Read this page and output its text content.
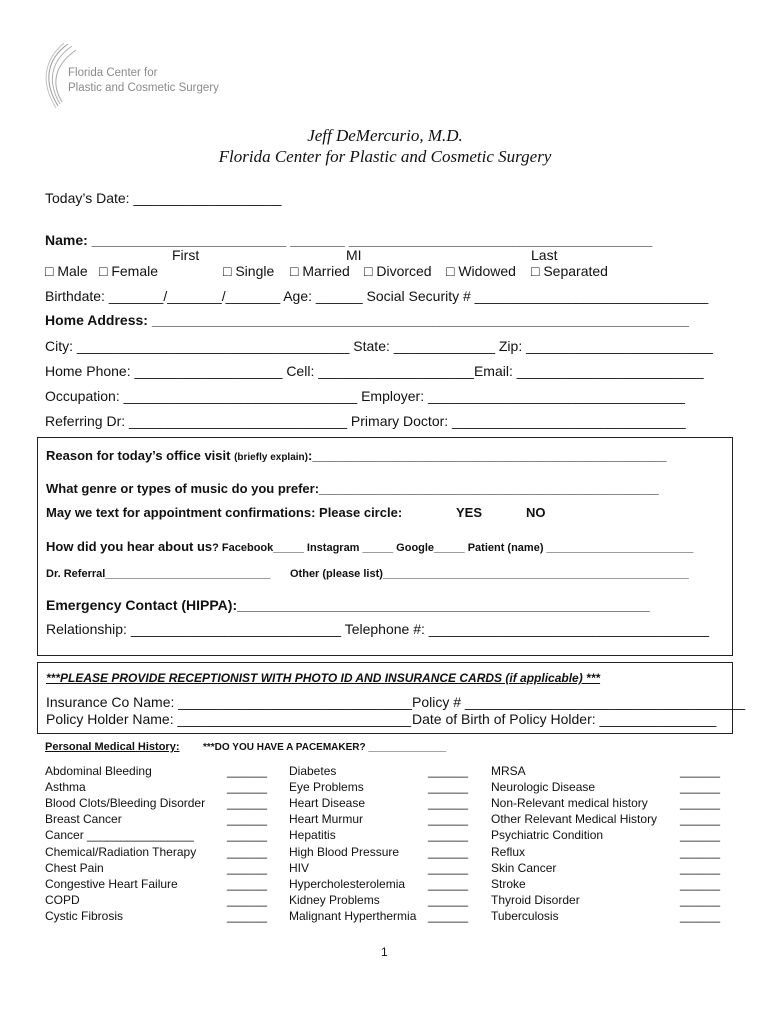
Florida Center for
Plastic and Cosmetic Surgery
Jeff DeMercurio, M.D.
Florida Center for Plastic and Cosmetic Surgery
Today’s Date: ___________________
Name: _________________________ _______ _______________________________________
First	MI	Last
□ Male □ Female	□ Single □ Married □ Divorced □ Widowed □ Separated
Birthdate: _______/_______/_______ Age: ______ Social Security # ______________________________
Home Address: _____________________________________________________________________
City: ___________________________________ State: _____________ Zip: ________________________
Home Phone: ___________________ Cell: ____________________Email: ________________________
Occupation: ______________________________ Employer: _________________________________
Referring Dr: ____________________________ Primary Doctor: ______________________________
Reason for today’s office visit (briefly explain):_________________________________________________
What genre or types of music do you prefer:_______________________________________________
May we text for appointment confirmations: Please circle:	YES	NO
How did you hear about us? Facebook_____ Instagram _____ Google_____ Patient (name) ________________________
Dr. Referral___________________________ Other (please list)__________________________________________________
Emergency Contact (HIPPA):_____________________________________________________
Relationship: ___________________________ Telephone #: ____________________________________
***PLEASE PROVIDE RECEPTIONIST WITH PHOTO ID AND INSURANCE CARDS (if applicable) ***
Insurance Co Name: ______________________________ Policy # ____________________________________
Policy Holder Name: ______________________________ Date of Birth of Policy Holder: _______________
Personal Medical History: ***DO YOU HAVE A PACEMAKER? ______________
Abdominal Bleeding	______
Asthma	______
Blood Clots/Bleeding Disorder ______
Breast Cancer	______
Cancer ________________	______
Chemical/Radiation Therapy	______
Chest Pain	______
Congestive Heart Failure	______
COPD	______
Cystic Fibrosis	______
Diabetes	______
Eye Problems	______
Heart Disease	______
Heart Murmur	______
Hepatitis	______
High Blood Pressure ______
HIV	______
Hypercholesterolemia ______
Kidney Problems	______
Malignant Hyperthermia ______
MRSA	______
Neurologic Disease	______
Non-Relevant medical history	______
Other Relevant Medical History ______
Psychiatric Condition	______
Reflux	______
Skin Cancer	______
Stroke	______
Thyroid Disorder	______
Tuberculosis	______
1
